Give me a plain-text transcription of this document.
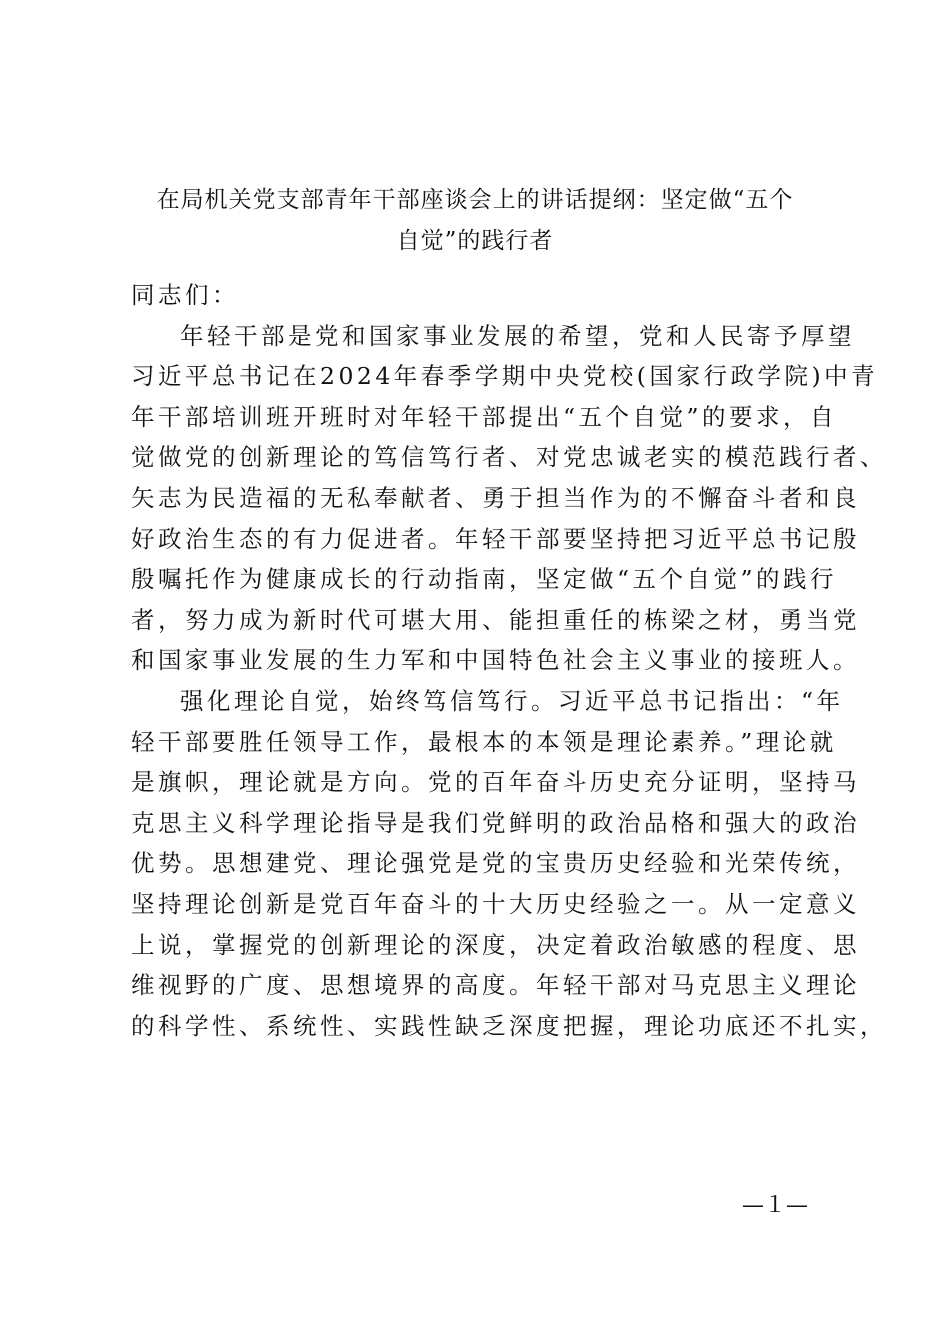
在局机关党支部青年干部座谈会上的讲话提纲：坚定做“五个
自觉”的践行者
同志们：
年轻干部是党和国家事业发展的希望，党和人民寄予厚望
习近平总书记在2024年春季学期中央党校(国家行政学院)中青
年干部培训班开班时对年轻干部提出“五个自觉”的要求，自
觉做党的创新理论的笃信笃行者、对党忠诚老实的模范践行者、
矢志为民造福的无私奉献者、勇于担当作为的不懈奋斗者和良
好政治生态的有力促进者。年轻干部要坚持把习近平总书记殷
殷嘱托作为健康成长的行动指南，坚定做“五个自觉”的践行
者，努力成为新时代可堪大用、能担重任的栋梁之材，勇当党
和国家事业发展的生力军和中国特色社会主义事业的接班人。
强化理论自觉，始终笃信笃行。习近平总书记指出：“年
轻干部要胜任领导工作，最根本的本领是理论素养。”理论就
是旗帜，理论就是方向。党的百年奋斗历史充分证明，坚持马
克思主义科学理论指导是我们党鲜明的政治品格和强大的政治
优势。思想建党、理论强党是党的宝贵历史经验和光荣传统，
坚持理论创新是党百年奋斗的十大历史经验之一。从一定意义
上说，掌握党的创新理论的深度，决定着政治敏感的程度、思
维视野的广度、思想境界的高度。年轻干部对马克思主义理论
的科学性、系统性、实践性缺乏深度把握，理论功底还不扎实，
—１—
